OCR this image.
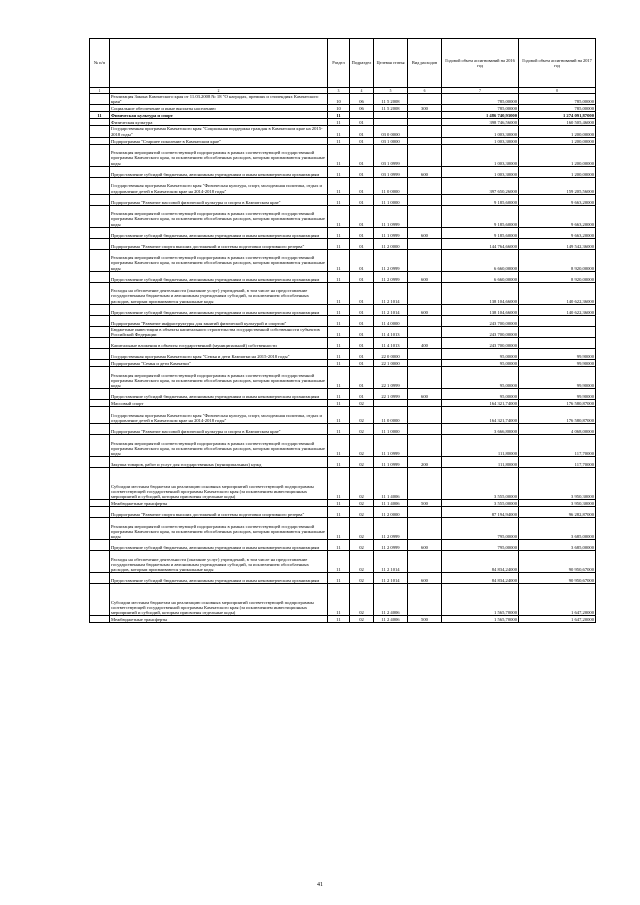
№ п/п		Раздел	Подраздел	Целевая статья	Вид расходов	Годовой объем ассигнований на 2016 год	Годовой объем ассигнований на 2017 год
1	2	3	4	5	6	7	8
	Реализация Закона Камчатского края от 11.03.2008 № 18 "О наградах, премиях и стипендиях Камчатского края"	10	06	11 5 2008		785,00000	785,00000
	Социальное обеспечение и иные выплаты населению	10	06	11 5 2008	300	785,00000	785,00000
11	Физическая культура и спорт	11				1 486 740,93000	1 274 091,87000
	Физическая культура	11	01			398 746,56000	160 505,46000
	Государственная программа Камчатского края "Социальная поддержка граждан в Камчатском крае на 2015-2018 годы"	11	01	03 0 0000		1 003,30000	1 200,00000
	Подпрограмма "Старшее поколение в Камчатском крае"	11	01	03 1 0000		1 003,30000	1 200,00000
	Реализация мероприятий соответствующей подпрограммы в рамках соответствующей государственной программы Камчатского края, за исключением обособленных расходов, которым присваиваются уникальные коды	11	01	03 1 0999		1 003,30000	1 200,00000
	Предоставление субсидий бюджетным, автономным учреждениям и иным некоммерческим организациям	11	01	03 1 0999	600	1 003,30000	1 200,00000
	Государственная программа Камчатского края "Физическая культура, спорт, молодежная политика, отдых и оздоровление детей в Камчатском крае на 2014-2018 годы"	11	01	11 0 0000		397 650,26000	159 205,56000
	Подпрограмма "Развитие массовой физической культуры и спорта в Камчатском крае"	11	01	11 1 0000		9 185,60000	9 663,20000
	Реализация мероприятий соответствующей подпрограммы в рамках соответствующей государственной программы Камчатского края, за исключением обособленных расходов, которым присваиваются уникальные коды	11	01	11 1 0999		9 185,60000	9 663,20000
	Предоставление субсидий бюджетным, автономным учреждениям и иным некоммерческим организациям	11	01	11 1 0999	600	9 185,60000	9 663,20000
	Подпрограмма "Развитие спорта высших достижений и системы подготовки спортивного резерва"	11	01	11 2 0000		144 764,66000	149 542,36000
	Реализация мероприятий соответствующей подпрограммы в рамках соответствующей государственной программы Камчатского края, за исключением обособленных расходов, которым присваиваются уникальные коды	11	01	11 2 0999		6 660,00000	8 920,00000
	Предоставление субсидий бюджетным, автономным учреждениям и иным некоммерческим организациям	11	01	11 2 0999	600	6 660,00000	8 920,00000
	Расходы на обеспечение деятельности (оказание услуг) учреждений, в том числе на предоставление государственным бюджетным и автономным учреждениям субсидий, за исключением обособленных расходов, которым присваиваются уникальные коды	11	01	11 2 1014		138 104,66000	140 622,36000
	Предоставление субсидий бюджетным, автономным учреждениям и иным некоммерческим организациям	11	01	11 2 1014	600	138 104,66000	140 622,36000
	Подпрограмма "Развитие инфраструктуры для занятий физической культурой и спортом"	11	01	11 4 0000		243 700,00000	
	Бюджетные инвестиции в объекты капитального строительства государственной собственности субъектов Российской Федерации	11	01	11 4 1013		243 700,00000	
	Капитальные вложения в объекты государственной (муниципальной) собственности	11	01	11 4 1013	400	243 700,00000	
	Государственная программа Камчатского края "Семья и дети Камчатки на 2015-2018 годы"	11	01	22 0 0000		95,00000	99,90000
	Подпрограмма "Семья и дети Камчатки"	11	01	22 1 0000		95,00000	99,90000
	Реализация мероприятий соответствующей подпрограммы в рамках соответствующей государственной программы Камчатского края, за исключением обособленных расходов, которым присваиваются уникальные коды	11	01	22 1 0999		95,00000	99,90000
	Предоставление субсидий бюджетным, автономным учреждениям и иным некоммерческим организациям	11	01	22 1 0999	600	95,00000	99,90000
	Массовый спорт	11	02			164 321,74000	176 580,87000
	Государственная программа Камчатского края "Физическая культура, спорт, молодежная политика, отдых и оздоровление детей в Камчатском крае на 2014-2018 годы"	11	02	11 0 0000		164 321,74000	176 580,87000
	Подпрограмма "Развитие массовой физической культуры и спорта в Камчатском крае"	11	02	11 1 0000		3 666,80000	4 068,00000
	Реализация мероприятий соответствующей подпрограммы в рамках соответствующей государственной программы Камчатского края, за исключением обособленных расходов, которым присваиваются уникальные коды	11	02	11 1 0999		111,80000	117,70000
	Закупка товаров, работ и услуг для государственных (муниципальных) нужд	11	02	11 1 0999	200	111,80000	117,70000
	Субсидии местным бюджетам на реализацию основных мероприятий соответствующей подпрограммы соответствующей государственной программы Камчатского края (за исключением инвестиционных мероприятий и субсидий, которым присвоены отдельные коды)	11	02	11 1 4006		3 555,00000	3 950,30000
	Межбюджетные трансферты	11	02	11 1 4006	500	3 555,00000	3 950,30000
	Подпрограмма "Развитие спорта высших достижений и системы подготовки спортивного резерва"	11	02	11 2 0000		87 194,94000	96 282,87000
	Реализация мероприятий соответствующей подпрограммы в рамках соответствующей государственной программы Камчатского края, за исключением обособленных расходов, которым присваиваются уникальные коды	11	02	11 2 0999		795,00000	3 685,00000
	Предоставление субсидий бюджетным, автономным учреждениям и иным некоммерческим организациям	11	02	11 2 0999	600	795,00000	3 685,00000
	Расходы на обеспечение деятельности (оказание услуг) учреждений, в том числе на предоставление государственным бюджетным и автономным учреждениям субсидий, за исключением обособленных расходов, которым присваиваются уникальные коды	11	02	11 2 1014		84 834,24000	90 950,67000
	Предоставление субсидий бюджетным, автономным учреждениям и иным некоммерческим организациям	11	02	11 2 1014	600	84 834,24000	90 950,67000
	Субсидии местным бюджетам на реализацию основных мероприятий соответствующей подпрограммы соответствующей государственной программы Камчатского края (за исключением инвестиционных мероприятий и субсидий, которым присвоены отдельные коды)	11	02	11 2 4006		1 565,70000	1 647,20000
	Межбюджетные трансферты	11	02	11 2 4006	500	1 565,70000	1 647,20000
41
